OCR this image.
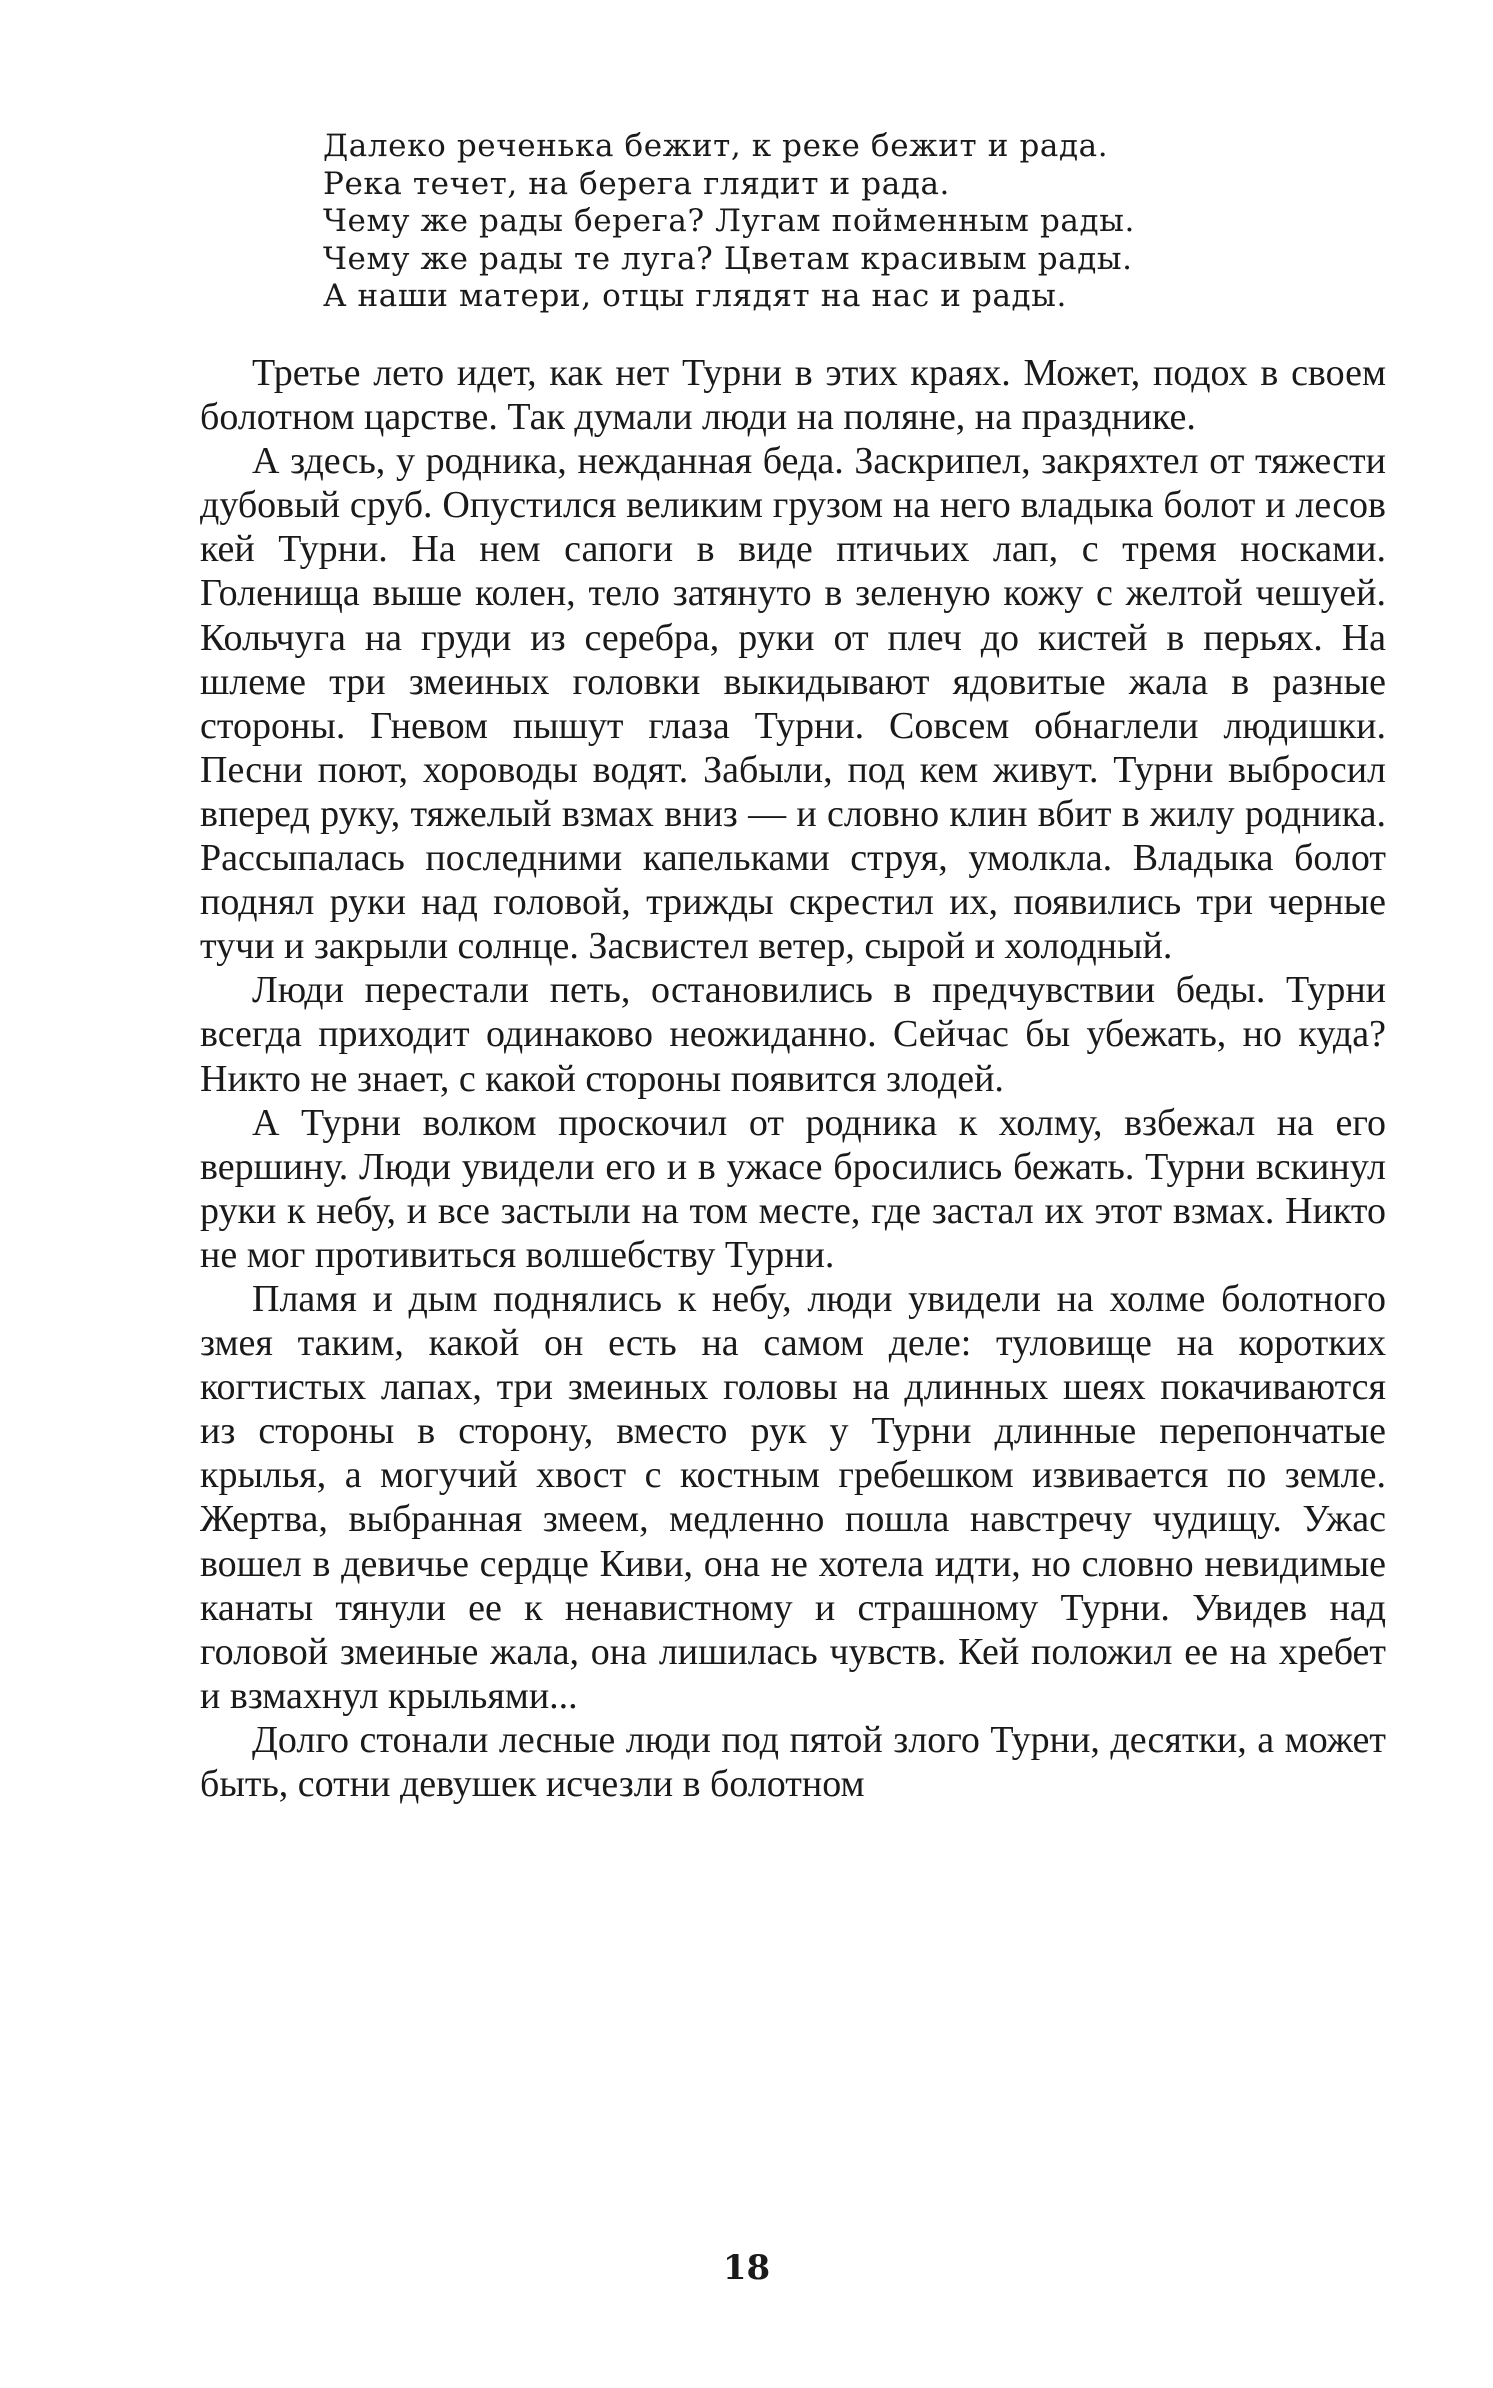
Далеко реченька бежит, к реке бежит и рада.
Река течет, на берега глядит и рада.
Чему же рады берега? Лугам пойменным рады.
Чему же рады те луга? Цветам красивым рады.
А наши матери, отцы глядят на нас и рады.

Третье лето идет, как нет Турни в этих краях. Может, подох в своем болотном царстве. Так думали люди на поляне, на празднике.

А здесь, у родника, нежданная беда. Заскрипел, закряхтел от тяжести дубовый сруб. Опустился великим грузом на него владыка болот и лесов кей Турни. На нем сапоги в виде птичьих лап, с тремя носками. Голенища выше колен, тело затянуто в зеленую кожу с желтой чешуей. Кольчуга на груди из серебра, руки от плеч до кистей в перьях. На шлеме три змеиных головки выкидывают ядовитые жала в разные стороны. Гневом пышут глаза Турни. Совсем обнаглели людишки. Песни поют, хороводы водят. Забыли, под кем живут. Турни выбросил вперед руку, тяжелый взмах вниз — и словно клин вбит в жилу родника. Рассыпалась последними капельками струя, умолкла. Владыка болот поднял руки над головой, трижды скрестил их, появились три черные тучи и закрыли солнце. Засвистел ветер, сырой и холодный.

Люди перестали петь, остановились в предчувствии беды. Турни всегда приходит одинаково неожиданно. Сейчас бы убежать, но куда? Никто не знает, с какой стороны появится злодей.

А Турни волком проскочил от родника к холму, взбежал на его вершину. Люди увидели его и в ужасе бросились бежать. Турни вскинул руки к небу, и все застыли на том месте, где застал их этот взмах. Никто не мог противиться волшебству Турни.

Пламя и дым поднялись к небу, люди увидели на холме болотного змея таким, какой он есть на самом деле: туловище на коротких когтистых лапах, три змеиных головы на длинных шеях покачиваются из стороны в сторону, вместо рук у Турни длинные перепончатые крылья, а могучий хвост с костным гребешком извивается по земле. Жертва, выбранная змеем, медленно пошла навстречу чудищу. Ужас вошел в девичье сердце Киви, она не хотела идти, но словно невидимые канаты тянули ее к ненавистному и страшному Турни. Увидев над головой змеиные жала, она лишилась чувств. Кей положил ее на хребет и взмахнул крыльями...

Долго стонали лесные люди под пятой злого Турни, десятки, а может быть, сотни девушек исчезли в болотном

18
